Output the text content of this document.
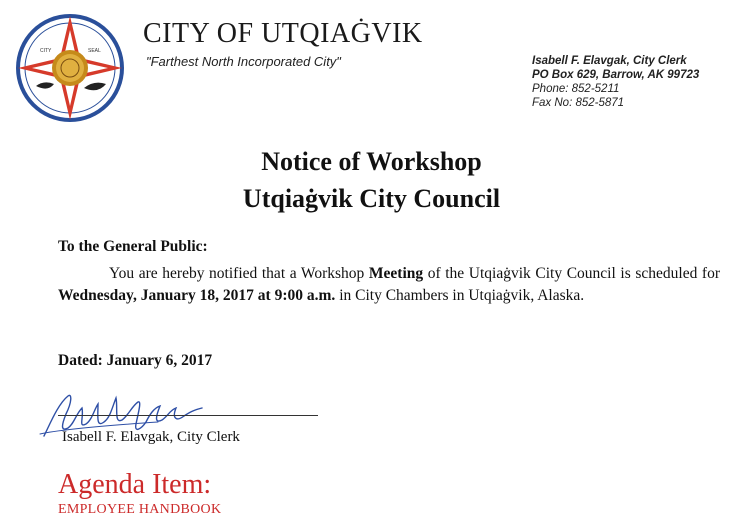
CITY	SEAL
CITY OF UTQIAĠVIK
"Farthest North Incorporated City"	Isabell F. Elavgak, City Clerk
PO Box 629, Barrow, AK 99723
Phone: 852-5211
Fax No: 852-5871
Notice of Workshop
Utqiaġvik City Council
To the General Public:
You are hereby notified that a Workshop Meeting of the Utqiaġvik City Council is scheduled for Wednesday, January 18, 2017 at 9:00 a.m. in City Chambers in Utqiaġvik, Alaska.
Dated: January 6, 2017
Isabell F. Elavgak, City Clerk
Agenda Item:
EMPLOYEE HANDBOOK
